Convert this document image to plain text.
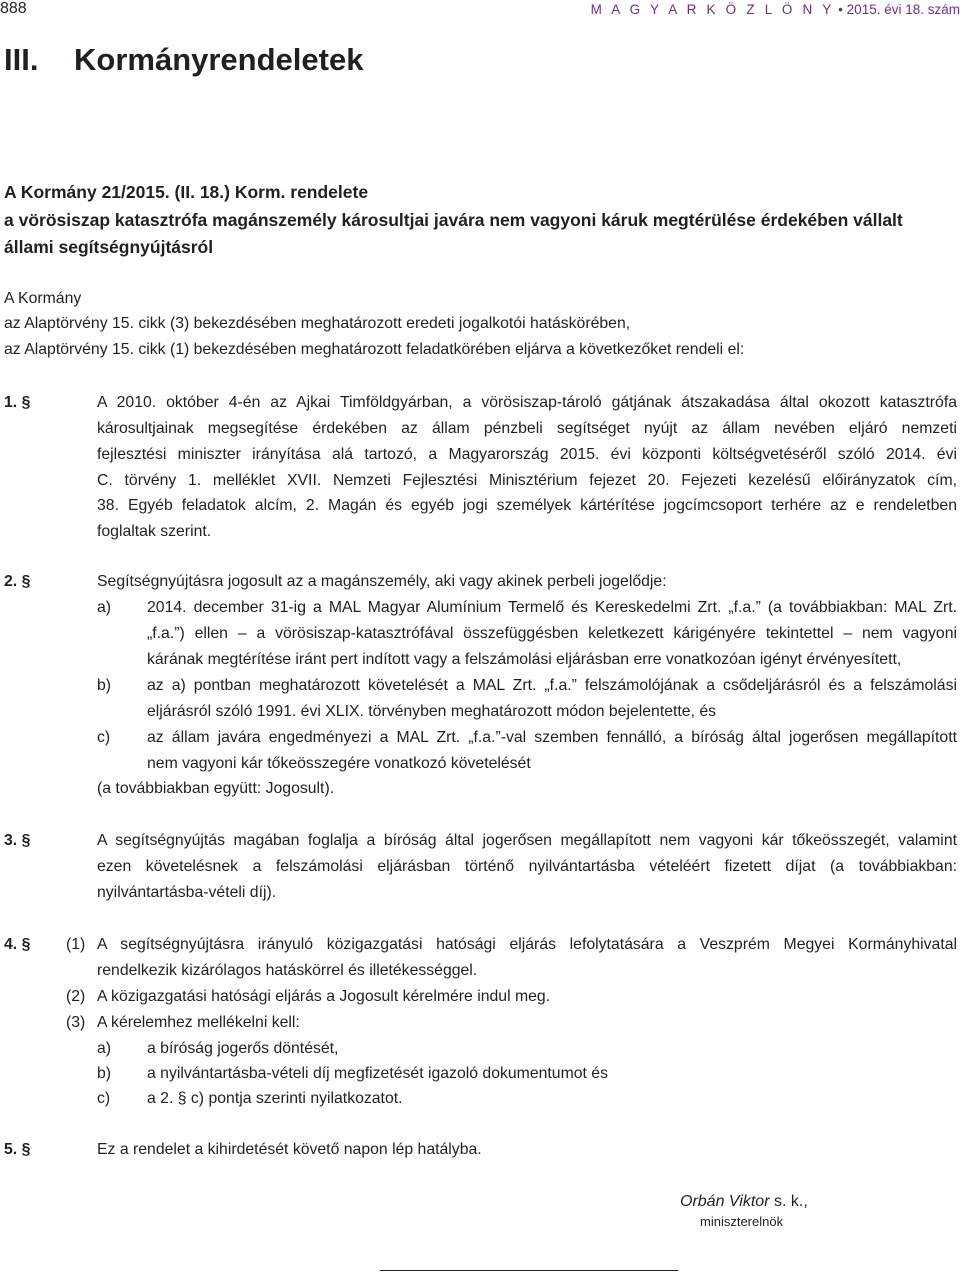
888	M A G Y A R K Ö Z L Ö N Y • 2015. évi 18. szám
III. Kormányrendeletek
A Kormány 21/2015. (II. 18.) Korm. rendelete
a vörösiszap katasztrófa magánszemély károsultjai javára nem vagyoni káruk megtérülése érdekében vállalt
állami segítségnyújtásról
A Kormány
az Alaptörvény 15. cikk (3) bekezdésében meghatározott eredeti jogalkotói hatáskörében,
az Alaptörvény 15. cikk (1) bekezdésében meghatározott feladatkörében eljárva a következőket rendeli el:
1. §	A 2010. október 4-én az Ajkai Timföldgyárban, a vörösiszap-tároló gátjának átszakadása által okozott katasztrófa
károsultjainak megsegítése érdekében az állam pénzbeli segítséget nyújt az állam nevében eljáró nemzeti
fejlesztési miniszter irányítása alá tartozó, a Magyarország 2015. évi központi költségvetéséről szóló 2014. évi
C. törvény 1. melléklet XVII. Nemzeti Fejlesztési Minisztérium fejezet 20. Fejezeti kezelésű előirányzatok cím,
38. Egyéb feladatok alcím, 2. Magán és egyéb jogi személyek kártérítése jogcímcsoport terhére az e rendeletben
foglaltak szerint.
2. §	Segítségnyújtásra jogosult az a magánszemély, aki vagy akinek perbeli jogelődje:
a) 2014. december 31-ig a MAL Magyar Alumínium Termelő és Kereskedelmi Zrt. „f.a.” (a továbbiakban: MAL Zrt.
„f.a.”) ellen – a vörösiszap-katasztrófával összefüggésben keletkezett kárigényére tekintettel – nem vagyoni
kárának megtérítése iránt pert indított vagy a felszámolási eljárásban erre vonatkozóan igényt érvényesített,
b) az a) pontban meghatározott követelését a MAL Zrt. „f.a.” felszámolójának a csődeljárásról és a felszámolási
eljárásról szóló 1991. évi XLIX. törvényben meghatározott módon bejelentette, és
c) az állam javára engedményezi a MAL Zrt. „f.a.”-val szemben fennálló, a bíróság által jogerősen megállapított
nem vagyoni kár tőkeösszegére vonatkozó követelését
(a továbbiakban együtt: Jogosult).
3. §	A segítségnyújtás magában foglalja a bíróság által jogerősen megállapított nem vagyoni kár tőkeösszegét, valamint
ezen követelésnek a felszámolási eljárásban történő nyilvántartásba vételéért fizetett díjat (a továbbiakban:
nyilvántartásba-vételi díj).
4. § (1) A segítségnyújtásra irányuló közigazgatási hatósági eljárás lefolytatására a Veszprém Megyei Kormányhivatal
rendelkezik kizárólagos hatáskörrel és illetékességgel.
(2) A közigazgatási hatósági eljárás a Jogosult kérelmére indul meg.
(3) A kérelemhez mellékelni kell:
a) a bíróság jogerős döntését,
b) a nyilvántartásba-vételi díj megfizetését igazoló dokumentumot és
c) a 2. § c) pontja szerinti nyilatkozatot.
5. §	Ez a rendelet a kihirdetését követő napon lép hatályba.
Orbán Viktor s. k.,
miniszterelnök
